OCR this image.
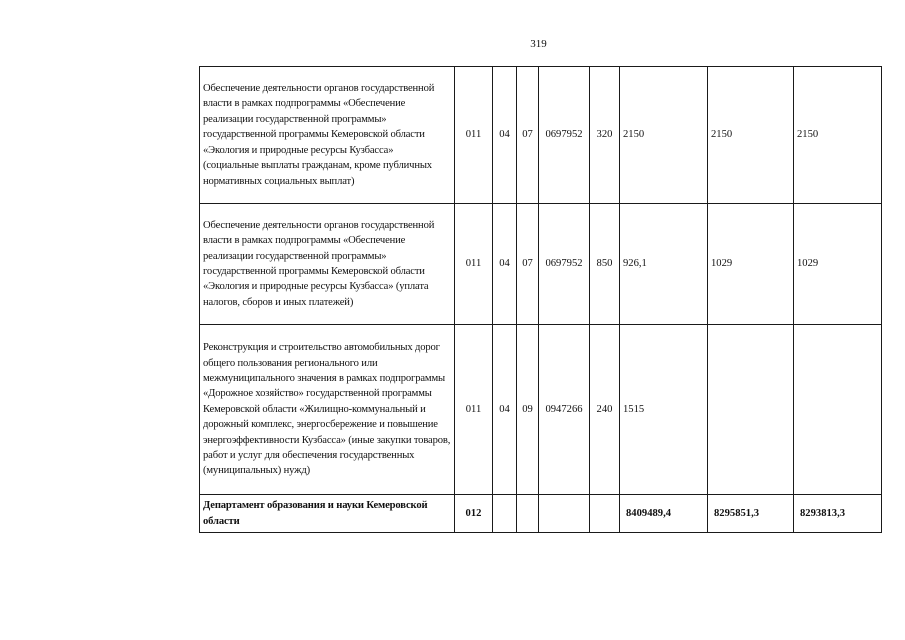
319
Обеспечение деятельности органов государственной власти в рамках подпрограммы «Обеспечение реализации государственной программы» государственной программы Кемеровской области «Экология и природные ресурсы Кузбасса» (социальные выплаты гражданам, кроме публичных нормативных социальных выплат)	011	04	07	0697952	320	2150	2150	2150
Обеспечение деятельности органов государственной власти в рамках подпрограммы «Обеспечение реализации государственной программы» государственной программы Кемеровской области «Экология и природные ресурсы Кузбасса» (уплата налогов, сборов и иных платежей)	011	04	07	0697952	850	926,1	1029	1029
Реконструкция и строительство автомобильных дорог общего пользования регионального или межмуниципального значения в рамках подпрограммы «Дорожное хозяйство» государственной программы Кемеровской области «Жилищно-коммунальный и дорожный комплекс, энергосбережение и повышение энергоэффективности Кузбасса» (иные закупки товаров, работ и услуг для обеспечения государственных (муниципальных) нужд)	011	04	09	0947266	240	1515		
Департамент образования и науки Кемеровской области	012					8409489,4	8295851,3	8293813,3
